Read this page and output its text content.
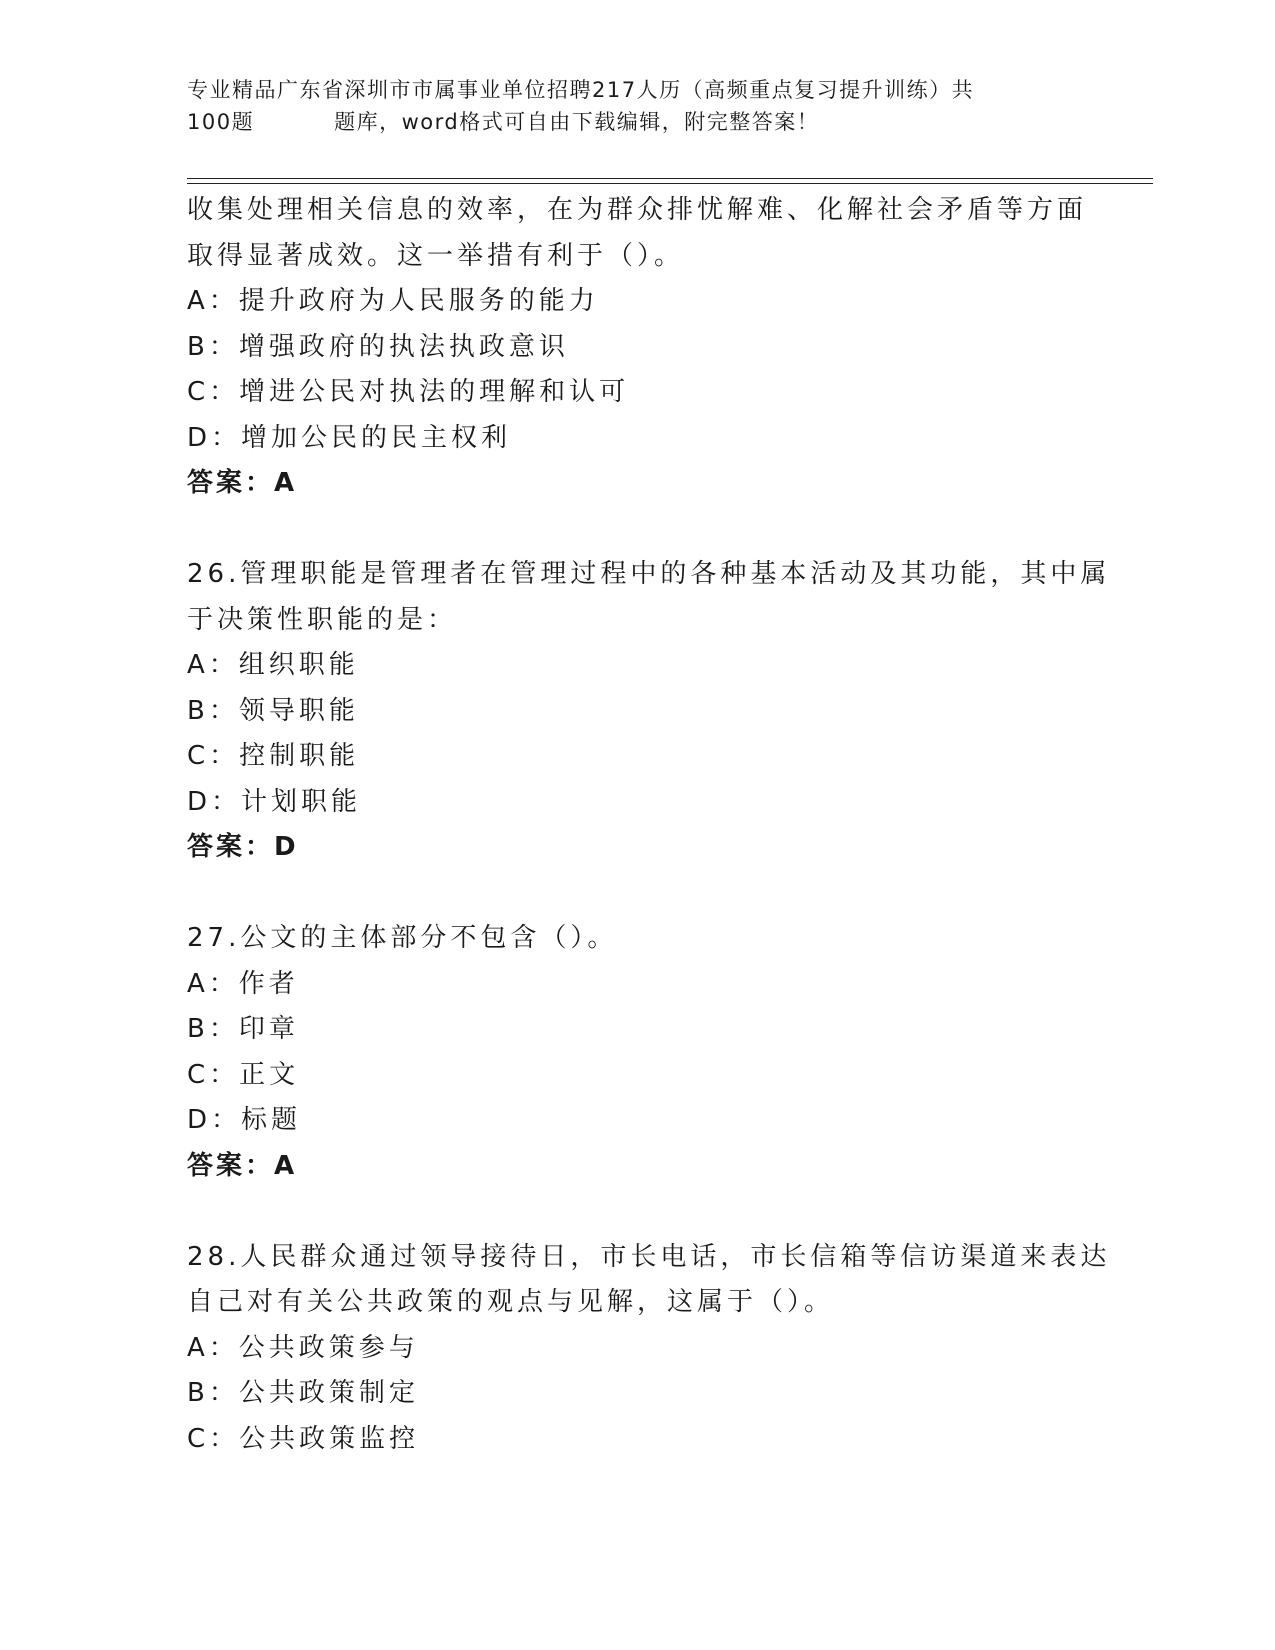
专业精品广东省深圳市市属事业单位招聘217人历（高频重点复习提升训练）共
100题	题库，word格式可自由下载编辑，附完整答案！
收集处理相关信息的效率，在为群众排忧解难、化解社会矛盾等方面
取得显著成效。这一举措有利于（）。
A：提升政府为人民服务的能力
B：增强政府的执法执政意识
C：增进公民对执法的理解和认可
D：增加公民的民主权利
答案：A
26.管理职能是管理者在管理过程中的各种基本活动及其功能，其中属
于决策性职能的是：
A：组织职能
B：领导职能
C：控制职能
D：计划职能
答案：D
27.公文的主体部分不包含（）。
A：作者
B：印章
C：正文
D：标题
答案：A
28.人民群众通过领导接待日，市长电话，市长信箱等信访渠道来表达
自己对有关公共政策的观点与见解，这属于（）。
A：公共政策参与
B：公共政策制定
C：公共政策监控
